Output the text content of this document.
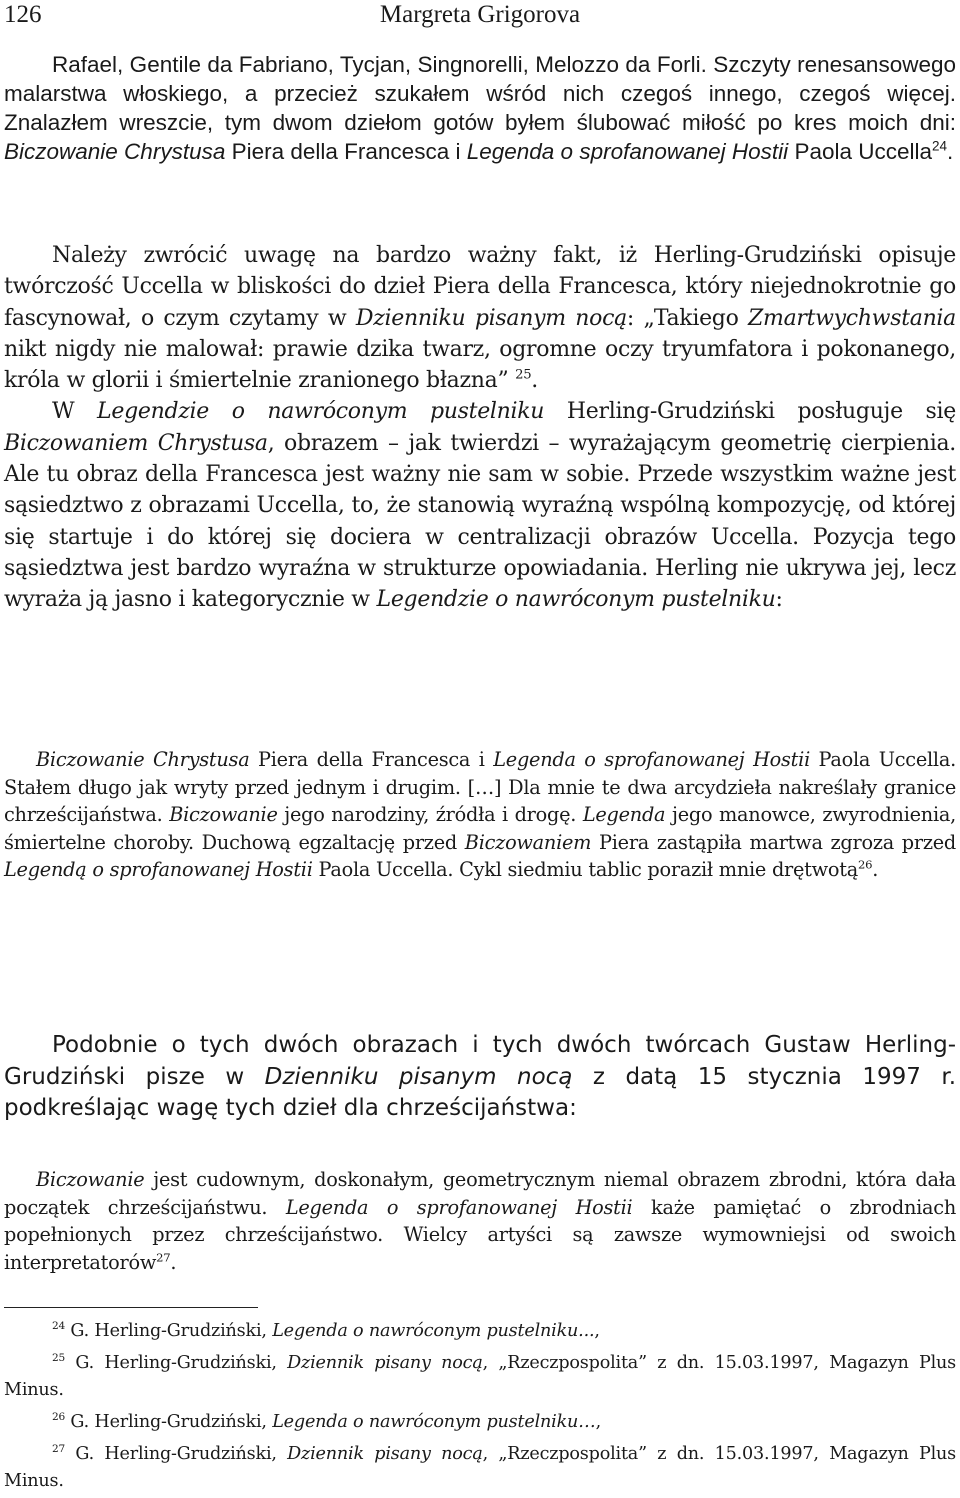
Margreta Grigorova
126

Rafael, Gentile da Fabriano, Tycjan, Singnorelli, Melozzo da Forli. Szczyty renesansowego malarstwa włoskiego, a przecież szukałem wśród nich czegoś innego, czegoś więcej. Znalazłem wreszcie, tym dwom dziełom gotów byłem ślubować miłość po kres moich dni: Biczowanie Chrystusa Piera della Francesca i Legenda o sprofanowanej Hostii Paola Uccella$^{24}$.

Należy zwrócić uwagę na bardzo ważny fakt, iż Herling-Grudziński opisuje twórczość Uccella w bliskości do dzieł Piera della Francesca, który niejednokrotnie go fascynował, o czym czytamy w Dzienniku pisanym nocą: „Takiego Zmartwychwstania nikt nigdy nie malował: prawie dzika twarz, ogromne oczy tryumfatora i pokonanego, króla w glorii i śmiertelnie zranionego błazna” $^{25}$.

W Legendzie o nawróconym pustelniku Herling-Grudziński posługuje się Biczowaniem Chrystusa, obrazem – jak twierdzi – wyrażającym geometrię cierpienia. Ale tu obraz della Francesca jest ważny nie sam w sobie. Przede wszystkim ważne jest sąsiedztwo z obrazami Uccella, to, że stanowią wyraźną wspólną kompozycję, od której się startuje i do której się dociera w centralizacji obrazów Uccella. Pozycja tego sąsiedztwa jest bardzo wyraźna w strukturze opowiadania. Herling nie ukrywa jej, lecz wyraża ją jasno i kategorycznie w Legendzie o nawróconym pustelniku:

Biczowanie Chrystusa Piera della Francesca i Legenda o sprofanowanej Hostii Paola Uccella. Stałem długo jak wryty przed jednym i drugim. […] Dla mnie te dwa arcydzieła nakreślały granice chrześcijaństwa. Biczowanie jego narodziny, źródła i drogę. Legenda jego manowce, zwyrodnienia, śmiertelne choroby. Duchową egzaltację przed Biczowaniem Piera zastąpiła martwa zgroza przed Legendą o sprofanowanej Hostii Paola Uccella. Cykl siedmiu tablic poraził mnie drętwotą$^{26}$.

Podobnie o tych dwóch obrazach i tych dwóch twórcach Gustaw Herling-Grudziński pisze w Dzienniku pisanym nocą z datą 15 stycznia 1997 r. podkreślając wagę tych dzieł dla chrześcijaństwa:

Biczowanie jest cudownym, doskonałym, geometrycznym niemal obrazem zbrodni, która dała początek chrześcijaństwu. Legenda o sprofanowanej Hostii każe pamiętać o zbrodniach popełnionych przez chrześcijaństwo. Wielcy artyści są zawsze wymowniejsi od swoich interpretatorów$^{27}$.

$^{24}$ G. Herling-Grudziński, Legenda o nawróconym pustelniku...,

$^{25}$ G. Herling-Grudziński, Dziennik pisany nocą, „Rzeczpospolita” z dn. 15.03.1997, Magazyn Plus Minus.

$^{26}$ G. Herling-Grudziński, Legenda o nawróconym pustelniku…,

$^{27}$ G. Herling-Grudziński, Dziennik pisany nocą, „Rzeczpospolita” z dn. 15.03.1997, Magazyn Plus Minus.
